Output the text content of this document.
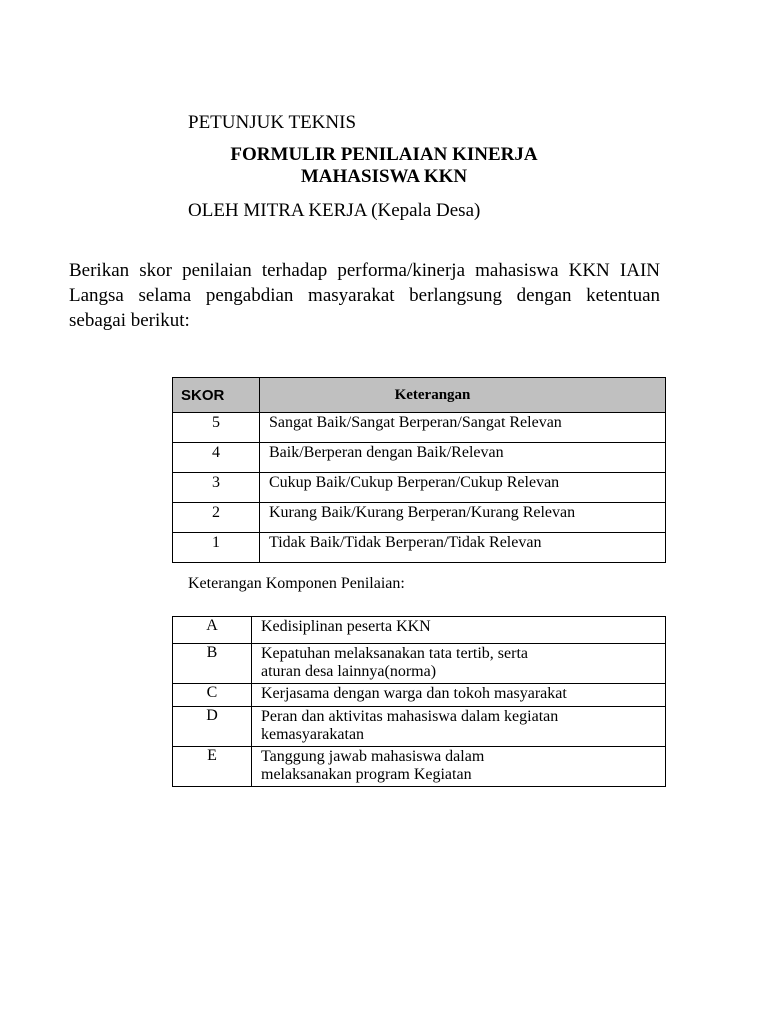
PETUNJUK TEKNIS
FORMULIR PENILAIAN KINERJA
MAHASISWA KKN
OLEH MITRA KERJA (Kepala Desa)

Berikan skor penilaian terhadap performa/kinerja mahasiswa KKN IAIN Langsa selama pengabdian masyarakat berlangsung dengan ketentuan sebagai berikut:

SKOR	Keterangan
5	Sangat Baik/Sangat Berperan/Sangat Relevan
4	Baik/Berperan dengan Baik/Relevan
3	Cukup Baik/Cukup Berperan/Cukup Relevan
2	Kurang Baik/Kurang Berperan/Kurang Relevan
1	Tidak Baik/Tidak Berperan/Tidak Relevan
Keterangan Komponen Penilaian:
A	Kedisiplinan peserta KKN

B	Kepatuhan melaksanakan tata tertib, serta
aturan desa lainnya(norma)

C	Kerjasama dengan warga dan tokoh masyarakat

D	Peran dan aktivitas mahasiswa dalam kegiatan
kemasyarakatan

E	Tanggung jawab mahasiswa dalam
melaksanakan program Kegiatan
